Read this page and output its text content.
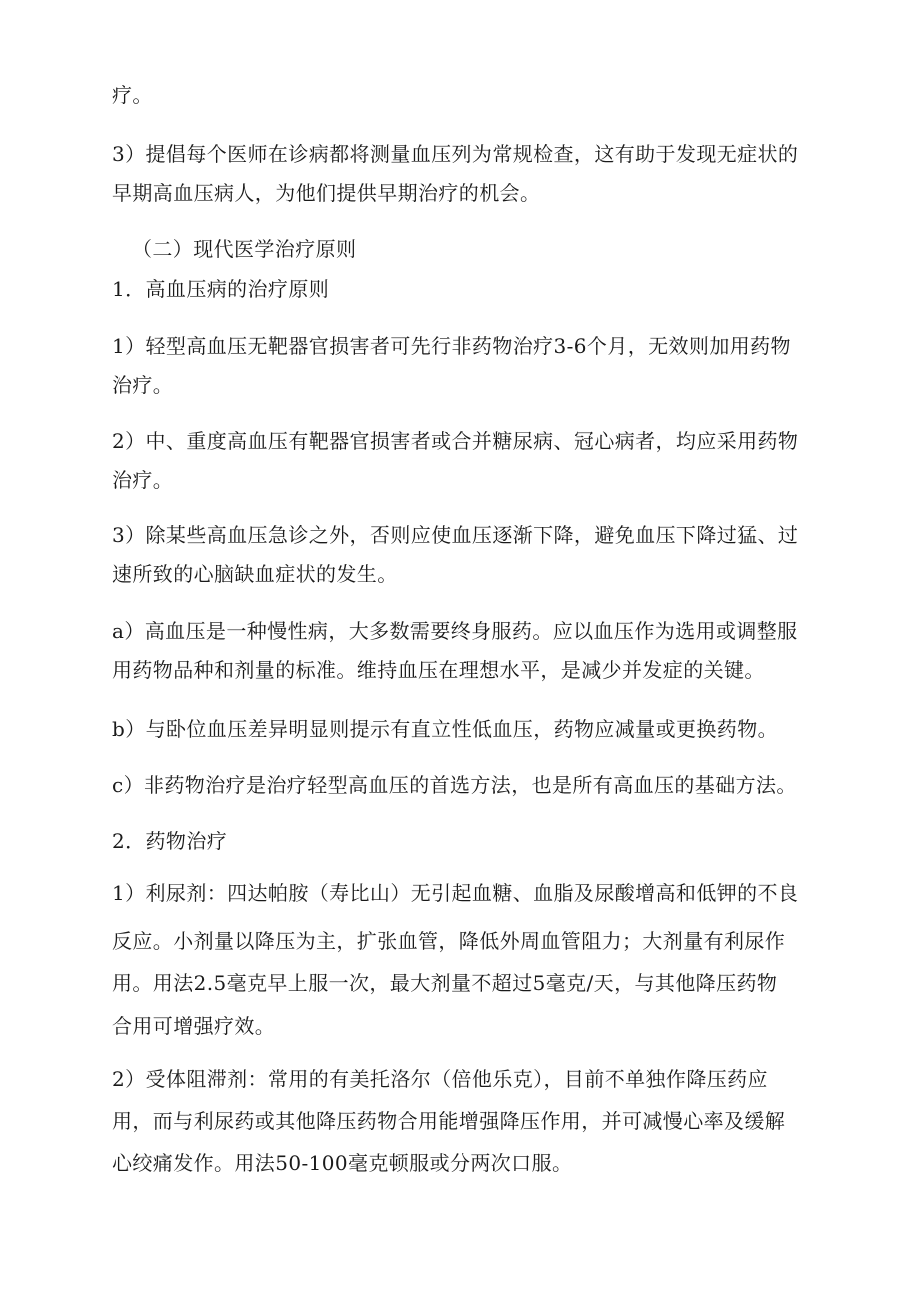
疗。
3）提倡每个医师在诊病都将测量血压列为常规检查，这有助于发现无症状的
早期高血压病人，为他们提供早期治疗的机会。
（二）现代医学治疗原则
1．高血压病的治疗原则
1）轻型高血压无靶器官损害者可先行非药物治疗3-6个月，无效则加用药物
治疗。
2）中、重度高血压有靶器官损害者或合并糖尿病、冠心病者，均应采用药物
治疗。
3）除某些高血压急诊之外，否则应使血压逐渐下降，避免血压下降过猛、过
速所致的心脑缺血症状的发生。
a）高血压是一种慢性病，大多数需要终身服药。应以血压作为选用或调整服
用药物品种和剂量的标准。维持血压在理想水平，是减少并发症的关键。
b）与卧位血压差异明显则提示有直立性低血压，药物应减量或更换药物。
c）非药物治疗是治疗轻型高血压的首选方法，也是所有高血压的基础方法。
2．药物治疗
1）利尿剂：四达帕胺（寿比山）无引起血糖、血脂及尿酸增高和低钾的不良
反应。小剂量以降压为主，扩张血管，降低外周血管阻力；大剂量有利尿作
用。用法2.5毫克早上服一次，最大剂量不超过5毫克/天，与其他降压药物
合用可增强疗效。
2）受体阻滞剂：常用的有美托洛尔（倍他乐克），目前不单独作降压药应
用，而与利尿药或其他降压药物合用能增强降压作用，并可减慢心率及缓解
心绞痛发作。用法50-100毫克顿服或分两次口服。
